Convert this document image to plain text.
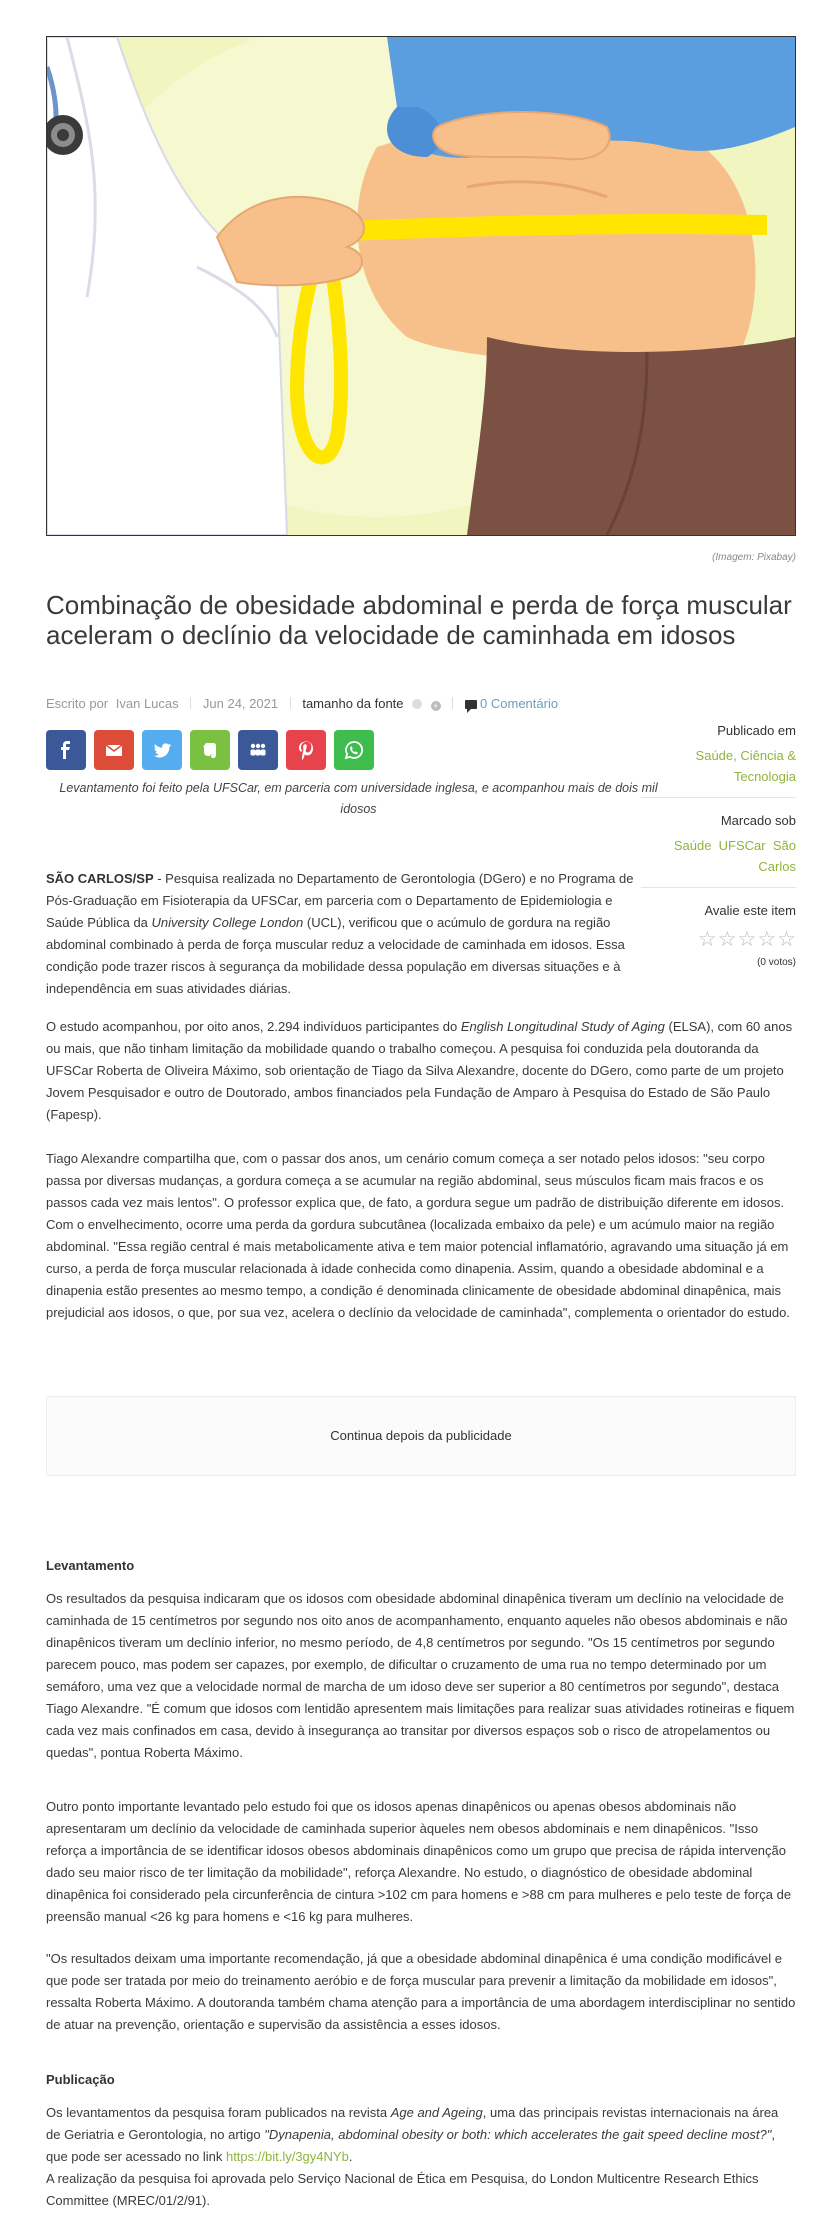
(Imagem: Pixabay)
Combinação de obesidade abdominal e perda de força muscular aceleram o declínio da velocidade de caminhada em idosos
Escrito por Ivan Lucas Jun 24, 2021 tamanho da fonte	+	0 Comentário

Levantamento foi feito pela UFSCar, em parceria com universidade inglesa, e acompanhou mais de dois mil idosos

Publicado em
Saúde, Ciência & Tecnologia
Marcado sob
Saúde UFSCar São Carlos
Avalie este item
☆☆☆☆☆
(0 votos)

SÃO CARLOS/SP - Pesquisa realizada no Departamento de Gerontologia (DGero) e no Programa de Pós-Graduação em Fisioterapia da UFSCar, em parceria com o Departamento de Epidemiologia e Saúde Pública da University College London (UCL), verificou que o acúmulo de gordura na região abdominal combinado à perda de força muscular reduz a velocidade de caminhada em idosos. Essa condição pode trazer riscos à segurança da mobilidade dessa população em diversas situações e à independência em suas atividades diárias.

O estudo acompanhou, por oito anos, 2.294 indivíduos participantes do English Longitudinal Study of Aging (ELSA), com 60 anos ou mais, que não tinham limitação da mobilidade quando o trabalho começou. A pesquisa foi conduzida pela doutoranda da UFSCar Roberta de Oliveira Máximo, sob orientação de Tiago da Silva Alexandre, docente do DGero, como parte de um projeto Jovem Pesquisador e outro de Doutorado, ambos financiados pela Fundação de Amparo à Pesquisa do Estado de São Paulo (Fapesp).

Tiago Alexandre compartilha que, com o passar dos anos, um cenário comum começa a ser notado pelos idosos: "seu corpo passa por diversas mudanças, a gordura começa a se acumular na região abdominal, seus músculos ficam mais fracos e os passos cada vez mais lentos". O professor explica que, de fato, a gordura segue um padrão de distribuição diferente em idosos. Com o envelhecimento, ocorre uma perda da gordura subcutânea (localizada embaixo da pele) e um acúmulo maior na região abdominal. "Essa região central é mais metabolicamente ativa e tem maior potencial inflamatório, agravando uma situação já em curso, a perda de força muscular relacionada à idade conhecida como dinapenia. Assim, quando a obesidade abdominal e a dinapenia estão presentes ao mesmo tempo, a condição é denominada clinicamente de obesidade abdominal dinapênica, mais prejudicial aos idosos, o que, por sua vez, acelera o declínio da velocidade de caminhada", complementa o orientador do estudo.

Continua depois da publicidade
Levantamento

Os resultados da pesquisa indicaram que os idosos com obesidade abdominal dinapênica tiveram um declínio na velocidade de caminhada de 15 centímetros por segundo nos oito anos de acompanhamento, enquanto aqueles não obesos abdominais e não dinapênicos tiveram um declínio inferior, no mesmo período, de 4,8 centímetros por segundo. "Os 15 centímetros por segundo parecem pouco, mas podem ser capazes, por exemplo, de dificultar o cruzamento de uma rua no tempo determinado por um semáforo, uma vez que a velocidade normal de marcha de um idoso deve ser superior a 80 centímetros por segundo", destaca Tiago Alexandre. "É comum que idosos com lentidão apresentem mais limitações para realizar suas atividades rotineiras e fiquem cada vez mais confinados em casa, devido à insegurança ao transitar por diversos espaços sob o risco de atropelamentos ou quedas", pontua Roberta Máximo.

Outro ponto importante levantado pelo estudo foi que os idosos apenas dinapênicos ou apenas obesos abdominais não apresentaram um declínio da velocidade de caminhada superior àqueles nem obesos abdominais e nem dinapênicos. "Isso reforça a importância de se identificar idosos obesos abdominais dinapênicos como um grupo que precisa de rápida intervenção dado seu maior risco de ter limitação da mobilidade", reforça Alexandre. No estudo, o diagnóstico de obesidade abdominal dinapênica foi considerado pela circunferência de cintura >102 cm para homens e >88 cm para mulheres e pelo teste de força de preensão manual <26 kg para homens e <16 kg para mulheres.

"Os resultados deixam uma importante recomendação, já que a obesidade abdominal dinapênica é uma condição modificável e que pode ser tratada por meio do treinamento aeróbio e de força muscular para prevenir a limitação da mobilidade em idosos", ressalta Roberta Máximo. A doutoranda também chama atenção para a importância de uma abordagem interdisciplinar no sentido de atuar na prevenção, orientação e supervisão da assistência a esses idosos.

Publicação

Os levantamentos da pesquisa foram publicados na revista Age and Ageing, uma das principais revistas internacionais na área de Geriatria e Gerontologia, no artigo "Dynapenia, abdominal obesity or both: which accelerates the gait speed decline most?", que pode ser acessado no link https://bit.ly/3gy4NYb.
A realização da pesquisa foi aprovada pelo Serviço Nacional de Ética em Pesquisa, do London Multicentre Research Ethics Committee (MREC/01/2/91).
